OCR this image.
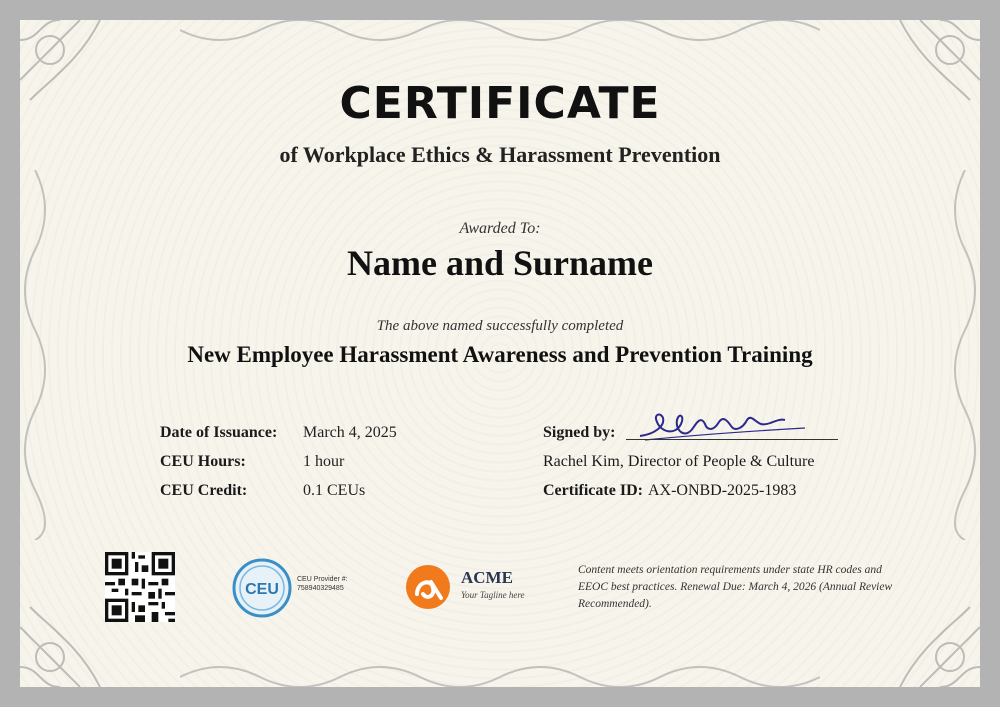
CERTIFICATE
of Workplace Ethics & Harassment Prevention
Awarded To:
Name and Surname
The above named successfully completed
New Employee Harassment Awareness and Prevention Training
Date of Issuance:	March 4, 2025
CEU Hours:	1 hour
CEU Credit:	0.1 CEUs
Signed by:
Rachel Kim, Director of People & Culture
Certificate ID: AX-ONBD-2025-1983
CEU
CEU Provider #:
758940329485
ACME
Your Tagline here
Content meets orientation requirements under state HR codes and EEOC best practices. Renewal Due: March 4, 2026 (Annual Review Recommended).
